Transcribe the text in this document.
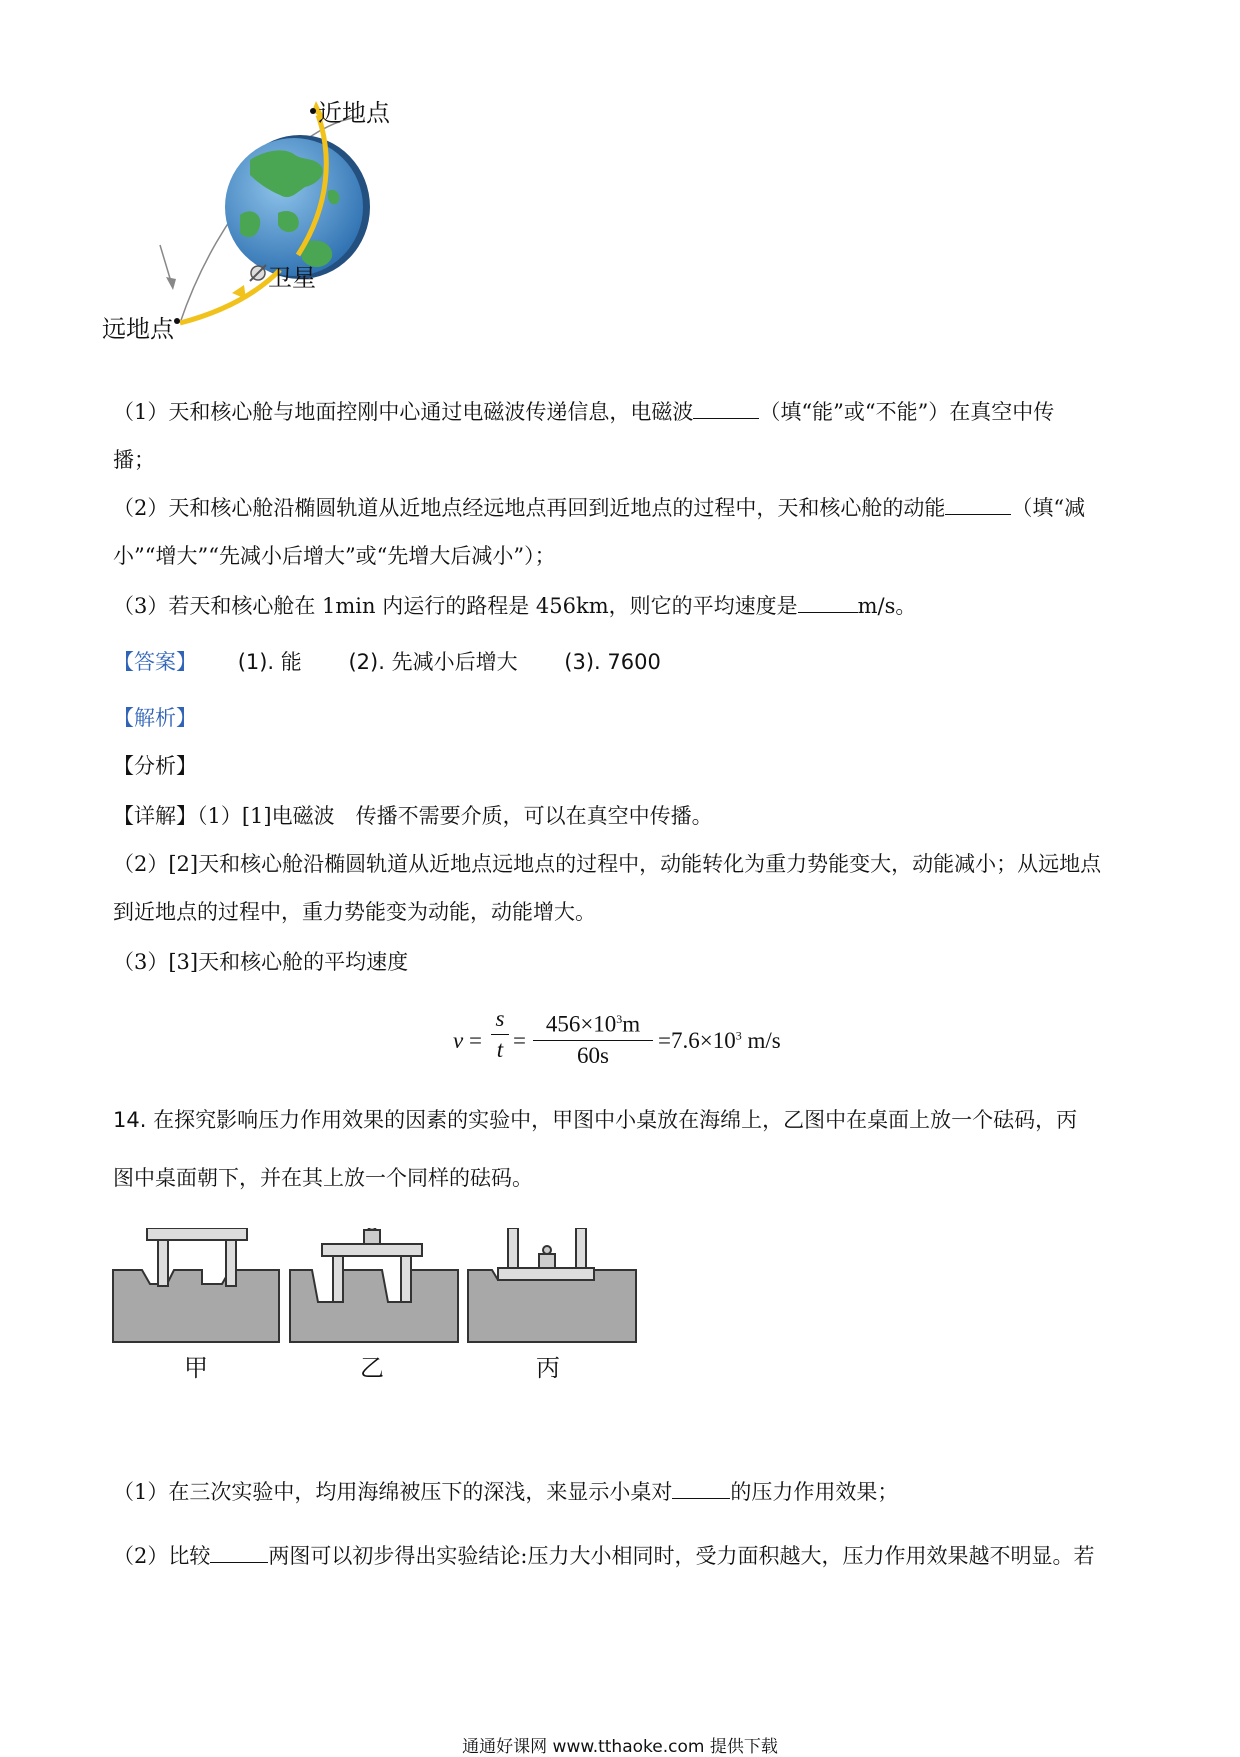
近地点
卫星
远地点
（1）天和核心舱与地面控刚中心通过电磁波传递信息，电磁波	（填“能”或“不能”）在真空中传
播；
（2）天和核心舱沿椭圆轨道从近地点经远地点再回到近地点的过程中，天和核心舱的动能	（填“减
小”“增大”“先减小后增大”或“先增大后减小”）；
（3）若天和核心舱在 1min 内运行的路程是 456km，则它的平均速度是	m/s。
【答案】 (1). 能 (2). 先减小后增大 (3). 7600
【解析】
【分析】
【详解】（1）[1]电磁波　传播不需要介质，可以在真空中传播。
（2）[2]天和核心舱沿椭圆轨道从近地点远地点的过程中，动能转化为重力势能变大，动能减小；从远地点
到近地点的过程中，重力势能变为动能，动能增大。
（3）[3]天和核心舱的平均速度
v =
s
t =
$456\times 10^3m$
60s
$=7.6\times 10^3$ m/s
14. 在探究影响压力作用效果的因素的实验中，甲图中小桌放在海绵上，乙图中在桌面上放一个砝码，丙
图中桌面朝下，并在其上放一个同样的砝码。
甲	乙	丙
（1）在三次实验中，均用海绵被压下的深浅，来显示小桌对	的压力作用效果；
（2）比较	两图可以初步得出实验结论:压力大小相同时，受力面积越大，压力作用效果越不明显。若
通通好课网 www.tthaoke.com 提供下载
